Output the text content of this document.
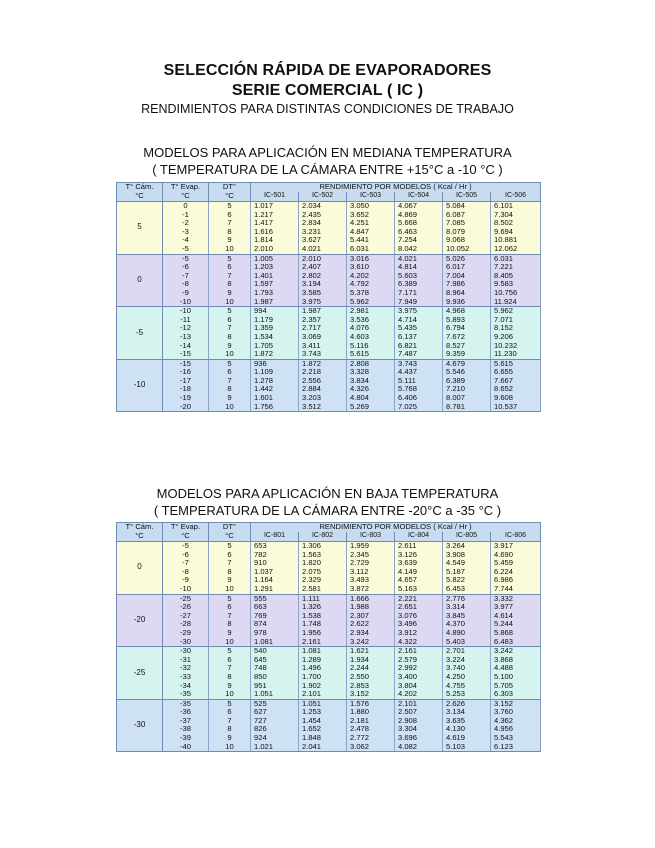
SELECCIÓN RÁPIDA DE EVAPORADORES
SERIE COMERCIAL ( IC )
RENDIMIENTOS PARA DISTINTAS CONDICIONES DE TRABAJO
MODELOS PARA APLICACIÓN EN MEDIANA TEMPERATURA
( TEMPERATURA DE LA CÁMARA ENTRE +15°C a -10 °C )
T° Cám.	T° Evap.	DT°	RENDIMIENTO POR MODELOS ( Kcal / Hr )					
°C	°C	°C	IC-501	IC-502	IC-503	IC-504	IC-505	IC-506
5	0	5	1.017	2.034	3.050	4.067	5.084	6.101
	-1	6	1.217	2.435	3.652	4.869	6.087	7.304
	-2	7	1.417	2.834	4.251	5.668	7.085	8.502
	-3	8	1.616	3.231	4.847	6.463	8.079	9.694
	-4	9	1.814	3.627	5.441	7.254	9.068	10.881
	-5	10	2.010	4.021	6.031	8.042	10.052	12.062
0	-5	5	1.005	2.010	3.016	4.021	5.026	6.031
	-6	6	1.203	2.407	3.610	4.814	6.017	7.221
	-7	7	1.401	2.802	4.202	5.603	7.004	8.405
	-8	8	1.597	3.194	4.792	6.389	7.986	9.583
	-9	9	1.793	3.585	5.378	7.171	8.964	10.756
	-10	10	1.987	3.975	5.962	7.949	9.936	11.924
-5	-10	5	994	1.987	2.981	3.975	4.968	5.962
	-11	6	1.179	2.357	3.536	4.714	5.893	7.071
	-12	7	1.359	2.717	4.076	5.435	6.794	8.152
	-13	8	1.534	3.069	4.603	6.137	7.672	9.206
	-14	9	1.705	3.411	5.116	6.821	8.527	10.232
	-15	10	1.872	3.743	5.615	7.487	9.359	11.230
-10	-15	5	936	1.872	2.808	3.743	4.679	5.615
	-16	6	1.109	2.218	3.328	4.437	5.546	6.655
	-17	7	1.278	2.556	3.834	5.111	6.389	7.667
	-18	8	1.442	2.884	4.326	5.768	7.210	8.652
	-19	9	1.601	3.203	4.804	6.406	8.007	9.608
	-20	10	1.756	3.512	5.269	7.025	8.781	10.537
MODELOS PARA APLICACIÓN EN BAJA TEMPERATURA
( TEMPERATURA DE LA CÁMARA ENTRE -20°C a -35 °C )
T° Cám.	T° Evap.	DT°	RENDIMIENTO POR MODELOS ( Kcal / Hr )					
°C	°C	°C	IC-801	IC-802	IC-803	IC-804	IC-805	IC-806
0	-5	5	653	1.306	1.959	2.611	3.264	3.917
	-6	6	782	1.563	2.345	3.126	3.908	4.690
	-7	7	910	1.820	2.729	3.639	4.549	5.459
	-8	8	1.037	2.075	3.112	4.149	5.187	6.224
	-9	9	1.164	2.329	3.493	4.657	5.822	6.986
	-10	10	1.291	2.581	3.872	5.163	6.453	7.744
-20	-25	5	555	1.111	1.666	2.221	2.776	3.332
	-26	6	663	1.326	1.988	2.651	3.314	3.977
	-27	7	769	1.538	2.307	3.076	3.845	4.614
	-28	8	874	1.748	2.622	3.496	4.370	5.244
	-29	9	978	1.956	2.934	3.912	4.890	5.868
	-30	10	1.081	2.161	3.242	4.322	5.403	6.483
-25	-30	5	540	1.081	1.621	2.161	2.701	3.242
	-31	6	645	1.289	1.934	2.579	3.224	3.868
	-32	7	748	1.496	2.244	2.992	3.740	4.488
	-33	8	850	1.700	2.550	3.400	4.250	5.100
	-34	9	951	1.902	2.853	3.804	4.755	5.705
	-35	10	1.051	2.101	3.152	4.202	5.253	6.303
-30	-35	5	525	1.051	1.576	2.101	2.626	3.152
	-36	6	627	1.253	1.880	2.507	3.134	3.760
	-37	7	727	1.454	2.181	2.908	3.635	4.362
	-38	8	826	1.652	2.478	3.304	4.130	4.956
	-39	9	924	1.848	2.772	3.696	4.619	5.543
	-40	10	1.021	2.041	3.062	4.082	5.103	6.123
